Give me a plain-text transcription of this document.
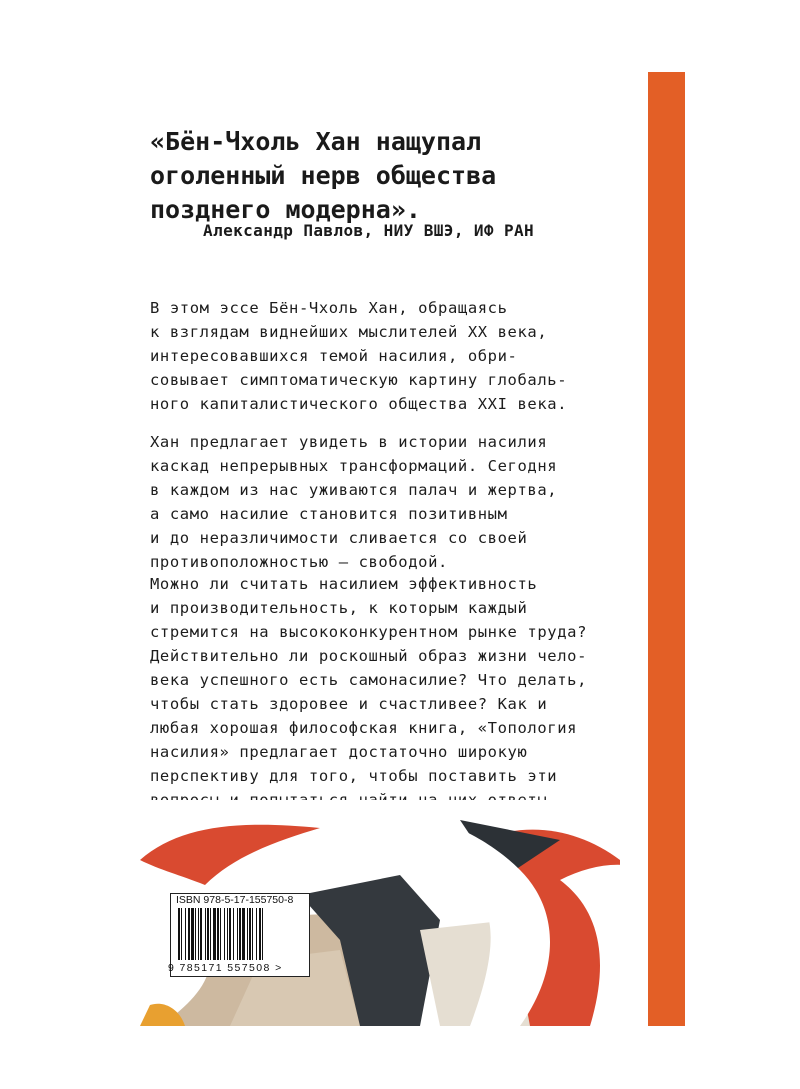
«Бён-Чхоль Хан нащупал
оголенный нерв общества
позднего модерна».
Александр Павлов, НИУ ВШЭ, ИФ РАН
В этом эссе Бён-Чхоль Хан, обращаясь
к взглядам виднейших мыслителей XX века,
интересовавшихся темой насилия, обри-
совывает симптоматическую картину глобаль-
ного капиталистического общества XXI века.
Хан предлагает увидеть в истории насилия
каскад непрерывных трансформаций. Сегодня
в каждом из нас уживаются палач и жертва,
а само насилие становится позитивным
и до неразличимости сливается со своей
противоположностью – свободой.
Можно ли считать насилием эффективность
и производительность, к которым каждый
стремится на высококонкурентном рынке труда?
Действительно ли роскошный образ жизни чело-
века успешного есть самонасилие? Что делать,
чтобы стать здоровее и счастливее? Как и
любая хорошая философская книга, «Топология
насилия» предлагает достаточно широкую
перспективу для того, чтобы поставить эти
ISBN 978-5-17-155750-8
9 785171 557508 >
